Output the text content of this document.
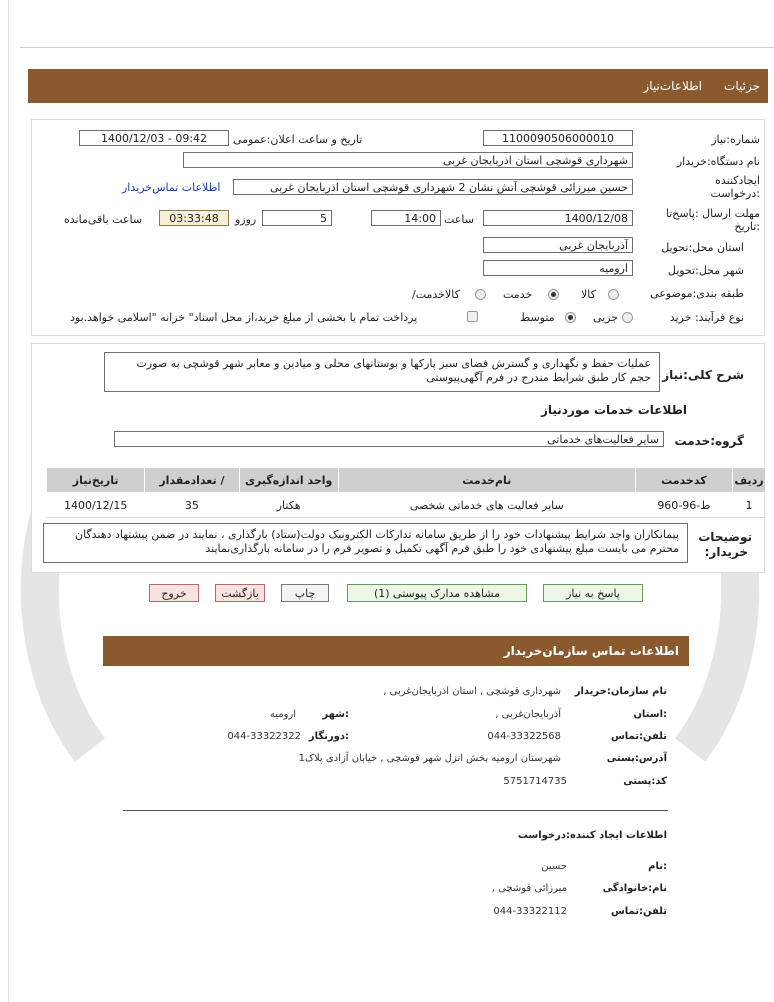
جزئیات
اطلاعات‌نیاز
شماره:نیاز
1100090506000010
تاریخ و ساعت اعلان:عمومی
1400/12/03 - 09:42
نام دستگاه:خریدار
شهرداری قوشچی استان اذربایجان غربی
ایجادکننده
درخواست:
حسین میرزائی قوشچی آتش نشان 2 شهرداری قوشچی استان اذربایجان غربی
اطلاعات تماس‌خریدار
مهلت ارسال :پاسخ‌تا
تاریخ:
1400/12/08
ساعت
14:00
5
روزو
03:33:48
ساعت باقی‌مانده
استان محل:تحویل
آذربایجان غربی
شهر محل:تحویل
ارومیه
طبقه بندی:موضوعی
کالا
خدمت
/کالاخدمت
نوع فرآیند: خرید
جزیی
متوسط
پرداخت تمام یا بخشی از مبلغ خرید،از محل اسناد" خزانه "اسلامی خواهد.بود
شرح کلی:نیاز
عملیات حفظ و نگهداری و گسترش فضای سبز پارکها و بوستانهای محلی و میادین و معابر شهر قوشچی به صورت حجم کار طبق شرایط مندرج در فرم آگهی‌پیوستی
اطلاعات خدمات موردنیاز
گروه:خدمت
سایر فعالیت‌های خدماتی
ردیف	کدخدمت	نام‌خدمت	واحد اندازه‌گیری	/ تعدادمقدار	تاریخ‌نیاز
1	ط-96-960	سایر فعالیت های خدماتی شخصی	هکتار	35	1400/12/15
توضیحات
:خریدار
پیمانکاران واجد شرایط پیشنهادات خود را از طریق سامانه تدارکات الکترونیک دولت(ستاد) بارگذاری ، نمایند در ضمن پیشنهاد دهندگان محترم می بایست مبلغ پیشنهادی خود را طبق فرم آگهی تکمیل و تصویر فرم را در سامانه بارگذاری‌نمایند
پاسخ به نیاز
مشاهده مدارک پیوستی (1)
چاپ
بازگشت
خروج
اطلاعات تماس سازمان‌خریدار
نام سازمان:خریدار
شهرداری قوشچی , استان اذربایجان‌غربی ,
استان:
آذربایجان‌غربی ,
شهر:
ارومیه
تلفن:تماس
044-33322568
دورنگار:
044-33322322
آدرس:پستی
شهرستان ارومیه بخش انزل شهر قوشچی , خیابان آزادی پلاک1
کد:پستی
5751714735
اطلاعات ایجاد کننده:درخواست
نام:
حسین
نام:خانوادگی
میرزائی قوشچی ,
تلفن:تماس
044-33322112
